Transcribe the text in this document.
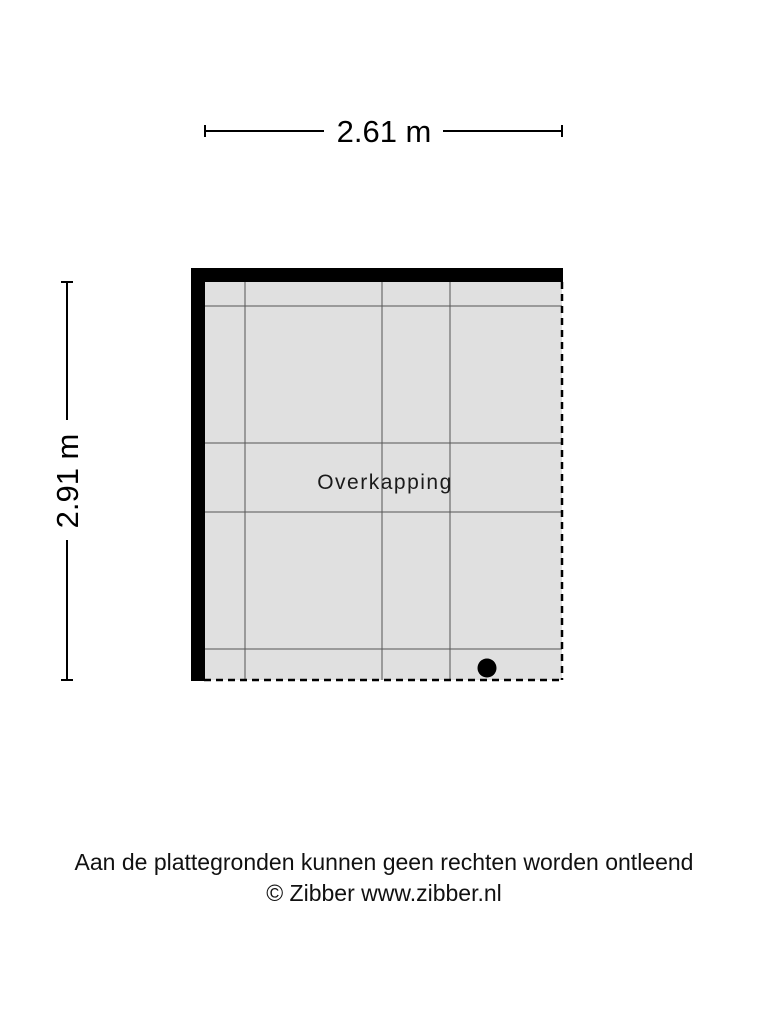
2.61 m
2.91 m	Overkapping
Aan de plattegronden kunnen geen rechten worden ontleend
© Zibber www.zibber.nl
